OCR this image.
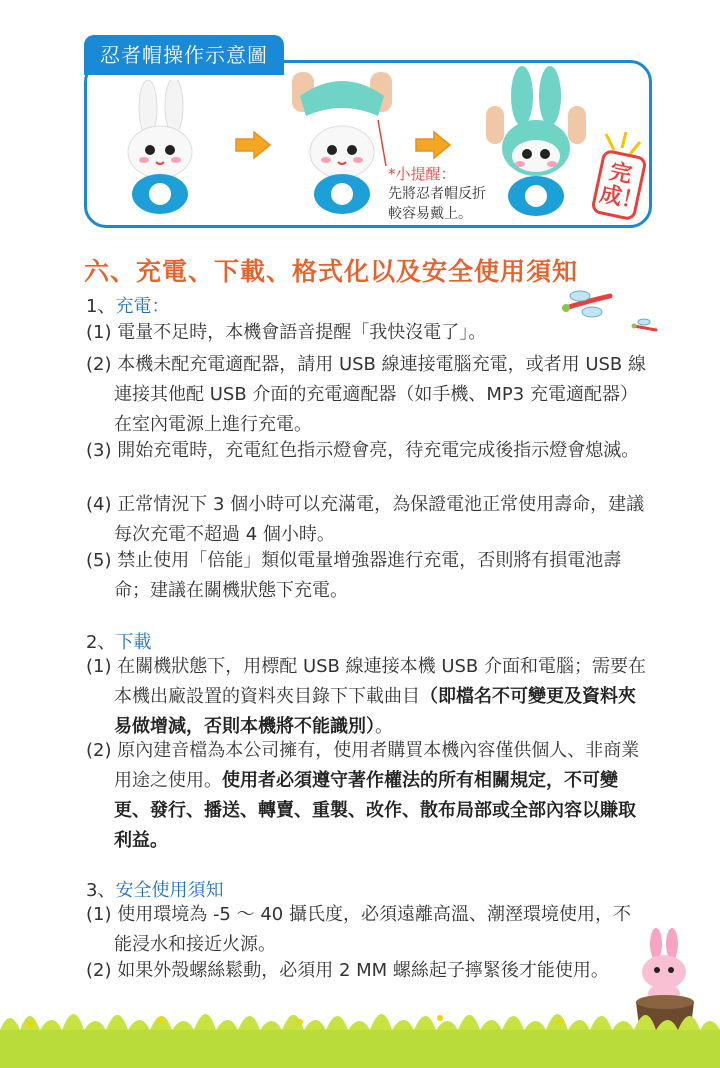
忍者帽操作示意圖
*小提醒：
先將忍者帽反折
較容易戴上。
完成！
六、充電、下載、格式化以及安全使用須知
1、充電：
(1) 電量不足時，本機會語音提醒「我快沒電了」。
(2) 本機未配充電適配器，請用 USB 線連接電腦充電，或者用 USB 線連接其他配 USB 介面的充電適配器（如手機、MP3 充電適配器）在室內電源上進行充電。
(3) 開始充電時，充電紅色指示燈會亮，待充電完成後指示燈會熄滅。
(4) 正常情況下 3 個小時可以充滿電，為保證電池正常使用壽命，建議每次充電不超過 4 個小時。
(5) 禁止使用「倍能」類似電量增強器進行充電，否則將有損電池壽命；建議在關機狀態下充電。
2、下載
(1) 在關機狀態下，用標配 USB 線連接本機 USB 介面和電腦；需要在本機出廠設置的資料夾目錄下下載曲目（即檔名不可變更及資料夾易做增減，否則本機將不能識別）。
(2) 原內建音檔為本公司擁有，使用者購買本機內容僅供個人、非商業用途之使用。使用者必須遵守著作權法的所有相關規定，不可變更、發行、播送、轉賣、重製、改作、散布局部或全部內容以賺取利益。
3、安全使用須知
(1) 使用環境為 -5 ～ 40 攝氏度，必須遠離高溫、潮溼環境使用，不能浸水和接近火源。
(2) 如果外殼螺絲鬆動，必須用 2 MM 螺絲起子擰緊後才能使用。
